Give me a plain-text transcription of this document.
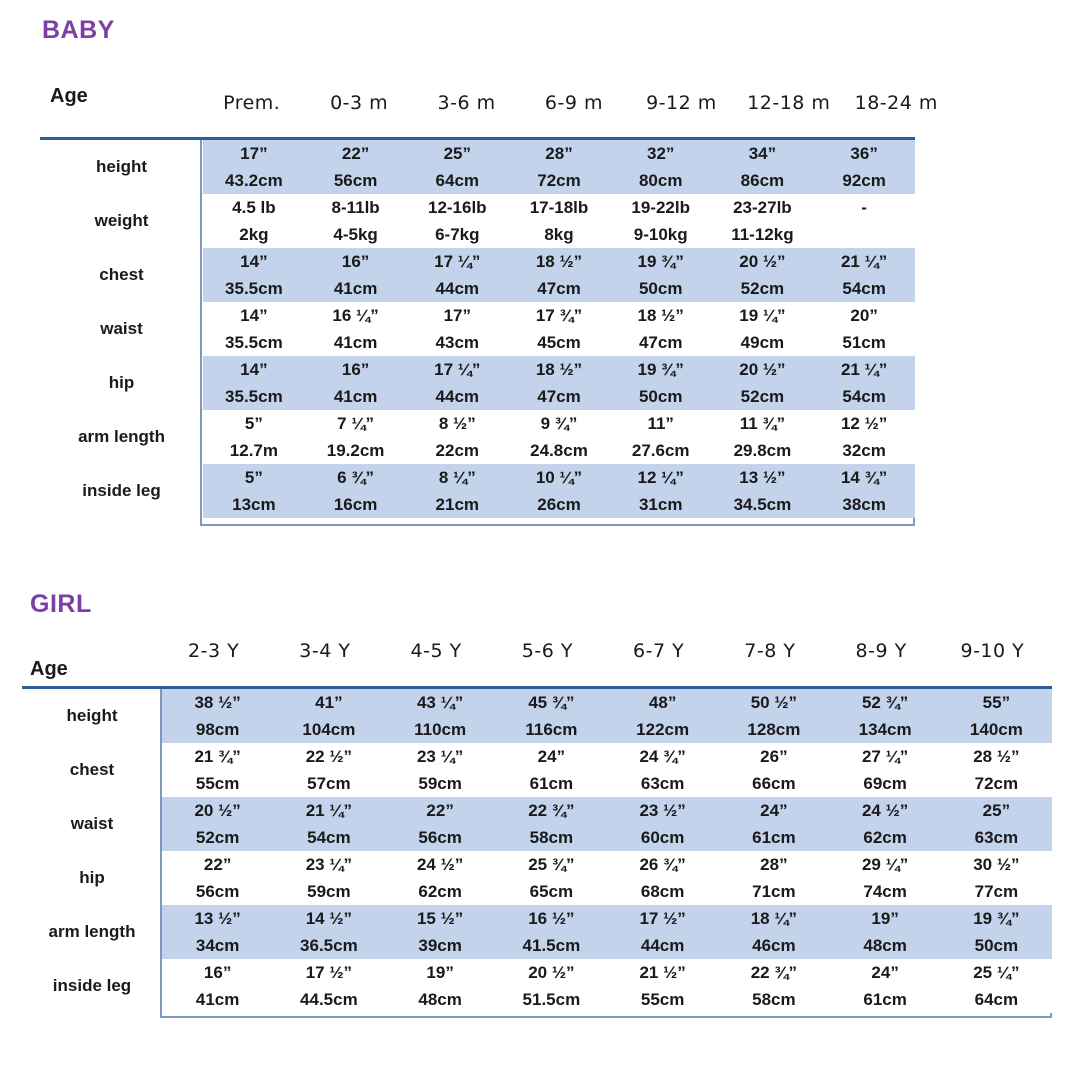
BABY
Age	Prem.	0-3 m	3-6 m	6-9 m	9-12 m	12-18 m	18-24 m
height	17”	22”	25”	28”	32”	34”	36”
	43.2cm	56cm	64cm	72cm	80cm	86cm	92cm
weight	4.5 lb	8-11lb	12-16lb	17-18lb	19-22lb	23-27lb	-
	2kg	4-5kg	6-7kg	8kg	9-10kg	11-12kg	
chest	14”	16”	17 ¼”	18 ½”	19 ¾”	20 ½”	21 ¼”
	35.5cm	41cm	44cm	47cm	50cm	52cm	54cm
waist	14”	16 ¼”	17”	17 ¾”	18 ½”	19 ¼”	20”
	35.5cm	41cm	43cm	45cm	47cm	49cm	51cm
hip	14”	16”	17 ¼”	18 ½”	19 ¾”	20 ½”	21 ¼”
	35.5cm	41cm	44cm	47cm	50cm	52cm	54cm
arm length	5”	7 ¼”	8 ½”	9 ¾”	11”	11 ¾”	12 ½”
	12.7m	19.2cm	22cm	24.8cm	27.6cm	29.8cm	32cm
inside leg	5”	6 ¾”	8 ¼”	10 ¼”	12 ¼”	13 ½”	14 ¾”
	13cm	16cm	21cm	26cm	31cm	34.5cm	38cm
GIRL
Age
2-3 Y	3-4 Y	4-5 Y	5-6 Y	6-7 Y	7-8 Y	8-9 Y	9-10 Y
height	38 ½”	41”	43 ¼”	45 ¾”	48”	50 ½”	52 ¾”	55”
	98cm	104cm	110cm	116cm	122cm	128cm	134cm	140cm
chest	21 ¾”	22 ½”	23 ¼”	24”	24 ¾”	26”	27 ¼”	28 ½”
	55cm	57cm	59cm	61cm	63cm	66cm	69cm	72cm
waist	20 ½”	21 ¼”	22”	22 ¾”	23 ½”	24”	24 ½”	25”
	52cm	54cm	56cm	58cm	60cm	61cm	62cm	63cm
hip	22”	23 ¼”	24 ½”	25 ¾”	26 ¾”	28”	29 ¼”	30 ½”
	56cm	59cm	62cm	65cm	68cm	71cm	74cm	77cm
arm length	13 ½”	14 ½”	15 ½”	16 ½”	17 ½”	18 ¼”	19”	19 ¾”
	34cm	36.5cm	39cm	41.5cm	44cm	46cm	48cm	50cm
inside leg	16”	17 ½”	19”	20 ½”	21 ½”	22 ¾”	24”	25 ¼”
	41cm	44.5cm	48cm	51.5cm	55cm	58cm	61cm	64cm
